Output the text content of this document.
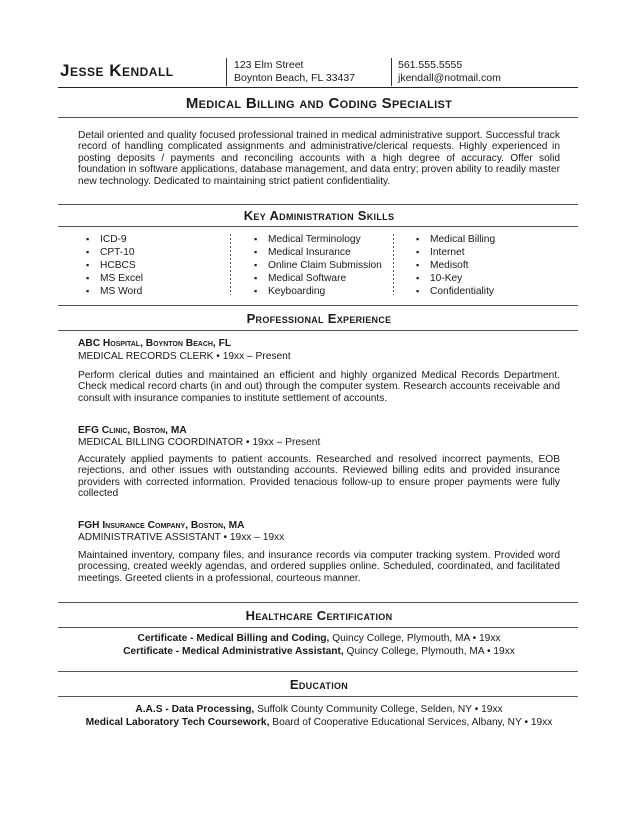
Jesse Kendall	123 Elm Street
Boynton Beach, FL 33437
561.555.5555
jkendall@notmail.com
Medical Billing and Coding Specialist
Detail oriented and quality focused professional trained in medical administrative support. Successful track record of handling complicated assignments and administrative/clerical requests. Highly experienced in posting deposits / payments and reconciling accounts with a high degree of accuracy. Offer solid foundation in software applications, database management, and data entry; proven ability to readily master new technology. Dedicated to maintaining strict patient confidentiality.
Key Administration Skills
▪ ICD-9
▪ CPT-10
▪ HCBCS
▪ MS Excel
▪ MS Word
▪ Medical Terminology
▪ Medical Insurance
▪ Online Claim Submission
▪ Medical Software
▪ Keyboarding
▪ Medical Billing
▪ Internet
▪ Medisoft
▪ 10-Key
▪ Confidentiality
Professional Experience
ABC Hospital, Boynton Beach, FL
MEDICAL RECORDS CLERK • 19xx – Present
Perform clerical duties and maintained an efficient and highly organized Medical Records Department. Check medical record charts (in and out) through the computer system. Research accounts receivable and consult with insurance companies to institute settlement of accounts.
EFG Clinic, Boston, MA
MEDICAL BILLING COORDINATOR • 19xx – Present
Accurately applied payments to patient accounts. Researched and resolved incorrect payments, EOB rejections, and other issues with outstanding accounts. Reviewed billing edits and provided insurance providers with corrected information. Provided tenacious follow-up to ensure proper payments were fully collected
FGH Insurance Company, Boston, MA
ADMINISTRATIVE ASSISTANT • 19xx – 19xx
Maintained inventory, company files, and insurance records via computer tracking system. Provided word processing, created weekly agendas, and ordered supplies online. Scheduled, coordinated, and facilitated meetings. Greeted clients in a professional, courteous manner.
Healthcare Certification
Certificate - Medical Billing and Coding, Quincy College, Plymouth, MA • 19xx
Certificate - Medical Administrative Assistant, Quincy College, Plymouth, MA • 19xx
Education
A.A.S - Data Processing, Suffolk County Community College, Selden, NY • 19xx
Medical Laboratory Tech Coursework, Board of Cooperative Educational Services, Albany, NY • 19xx
